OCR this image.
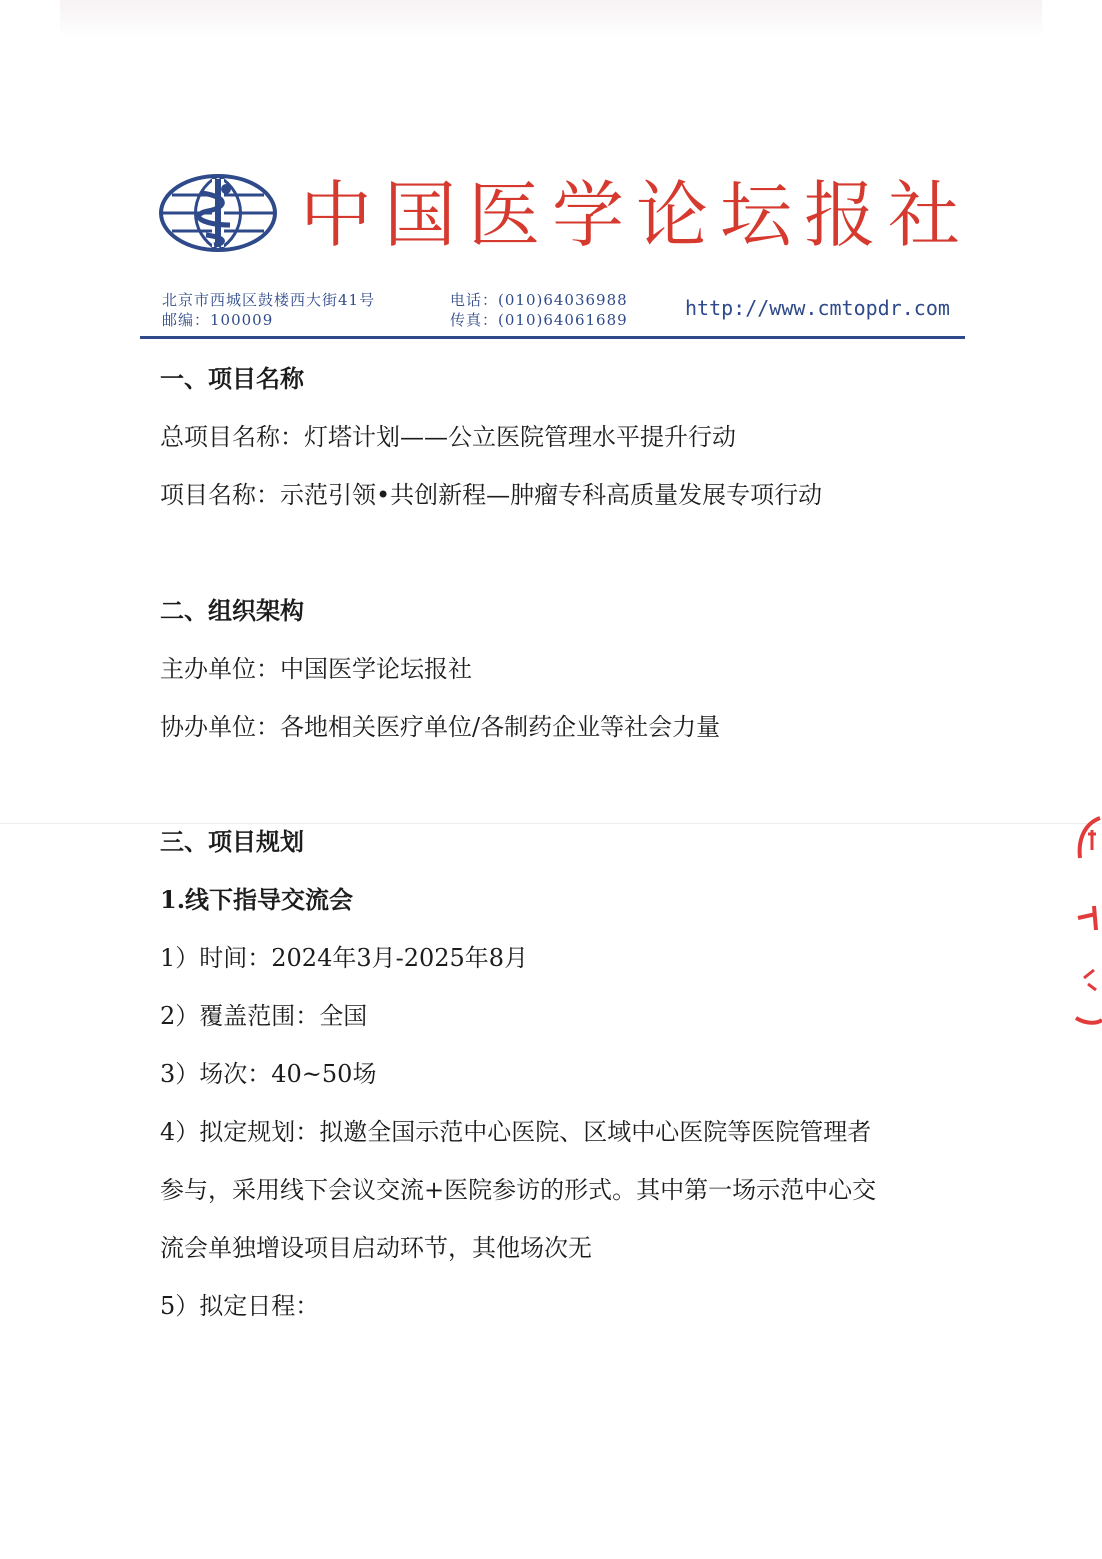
中国医学论坛报社
北京市西城区鼓楼西大街41号
邮编：100009
电话：(010)64036988
传真：(010)64061689	http://www.cmtopdr.com
一、项目名称

总项目名称：灯塔计划——公立医院管理水平提升行动

项目名称：示范引领•共创新程—肿瘤专科高质量发展专项行动

二、组织架构

主办单位：中国医学论坛报社

协办单位：各地相关医疗单位/各制药企业等社会力量

三、项目规划
1.线下指导交流会

1）时间：2024年3月-2025年8月

2）覆盖范围：全国

3）场次：40~50场

4）拟定规划：拟邀全国示范中心医院、区域中心医院等医院管理者

参与，采用线下会议交流+医院参访的形式。其中第一场示范中心交

流会单独增设项目启动环节，其他场次无

5）拟定日程：
